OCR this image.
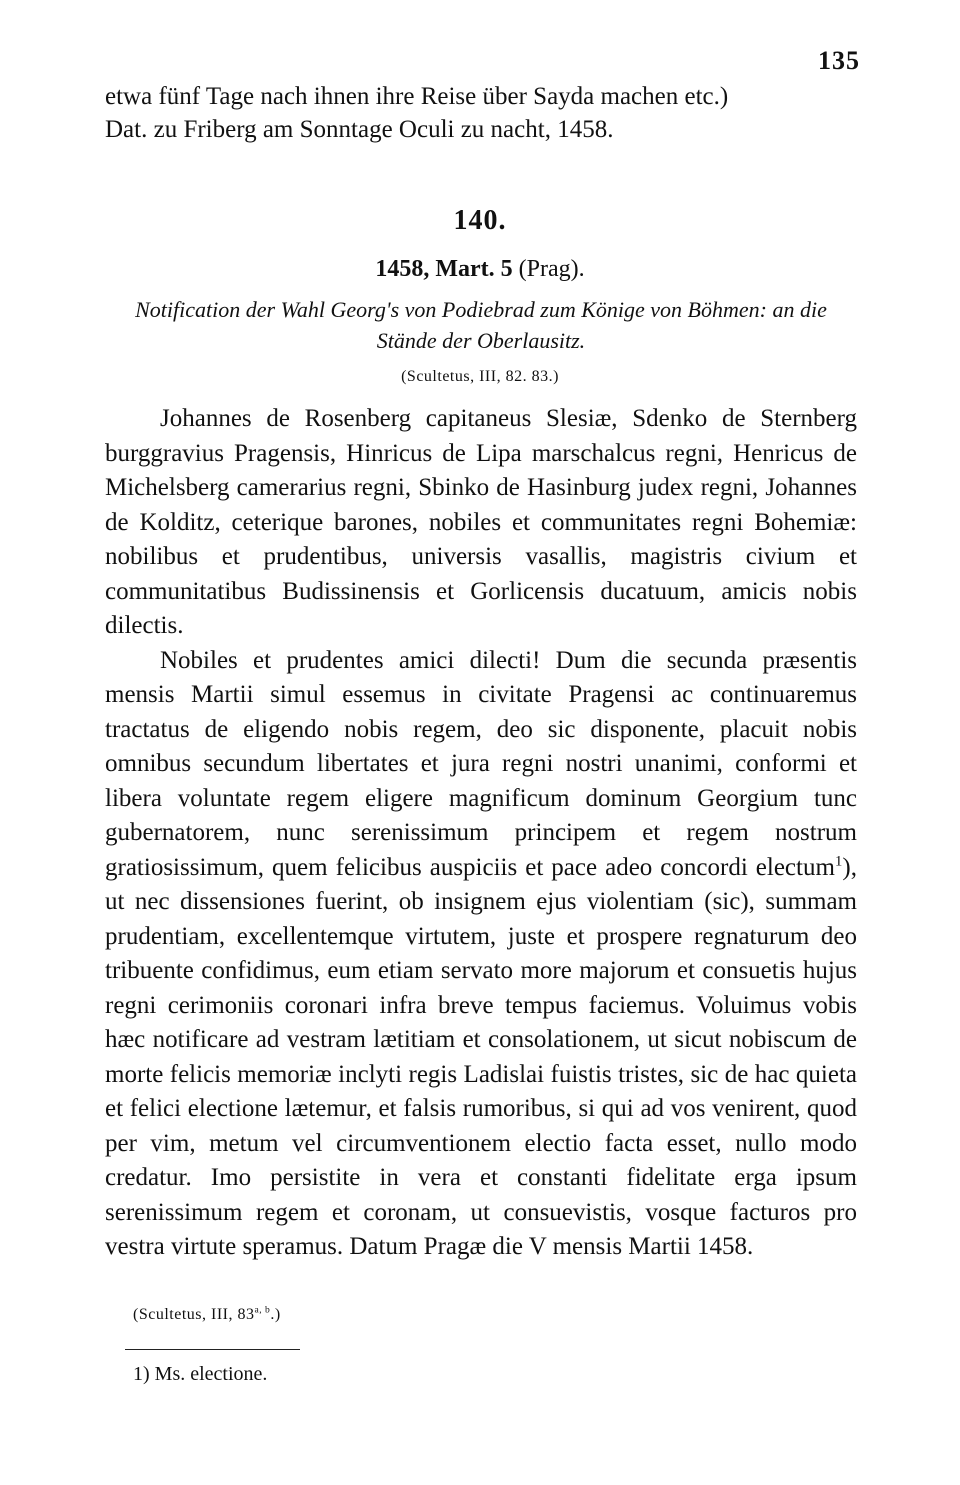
135

etwa fünf Tage nach ihnen ihre Reise über Sayda machen etc.)

Dat. zu Friberg am Sonntage Oculi zu nacht, 1458.

140.
1458, Mart. 5 (Prag).
Notification der Wahl Georg's von Podiebrad zum Könige von Böhmen: an die Stände der Oberlausitz.
(Scultetus, III, 82. 83.)

Johannes de Rosenberg capitaneus Slesiæ, Sdenko de Sternberg burggravius Pragensis, Hinricus de Lipa marschalcus regni, Henricus de Michelsberg camerarius regni, Sbinko de Hasinburg judex regni, Johannes de Kolditz, ceterique barones, nobiles et communitates regni Bohemiæ: nobilibus et prudentibus, universis vasallis, magistris civium et communitatibus Budissinensis et Gorlicensis ducatuum, amicis nobis dilectis.

Nobiles et prudentes amici dilecti! Dum die secunda præsentis mensis Martii simul essemus in civitate Pragensi ac continuaremus tractatus de eligendo nobis regem, deo sic disponente, placuit nobis omnibus secundum libertates et jura regni nostri unanimi, conformi et libera voluntate regem eligere magnificum dominum Georgium tunc gubernatorem, nunc serenissimum principem et regem nostrum gratiosissimum, quem felicibus auspiciis et pace adeo concordi electum$^1$), ut nec dissensiones fuerint, ob insignem ejus violentiam (sic), summam prudentiam, excellentemque virtutem, juste et prospere regnaturum deo tribuente confidimus, eum etiam servato more majorum et consuetis hujus regni cerimoniis coronari infra breve tempus faciemus. Voluimus vobis hæc notificare ad vestram lætitiam et consolationem, ut sicut nobiscum de morte felicis memoriæ inclyti regis Ladislai fuistis tristes, sic de hac quieta et felici electione lætemur, et falsis rumoribus, si qui ad vos venirent, quod per vim, metum vel circumventionem electio facta esset, nullo modo credatur. Imo persistite in vera et constanti fidelitate erga ipsum serenissimum regem et coronam, ut consuevistis, vosque facturos pro vestra virtute speramus. Datum Pragæ die V mensis Martii 1458.

(Scultetus, III, 83$^{a, b}$.)
1) Ms. electione.
